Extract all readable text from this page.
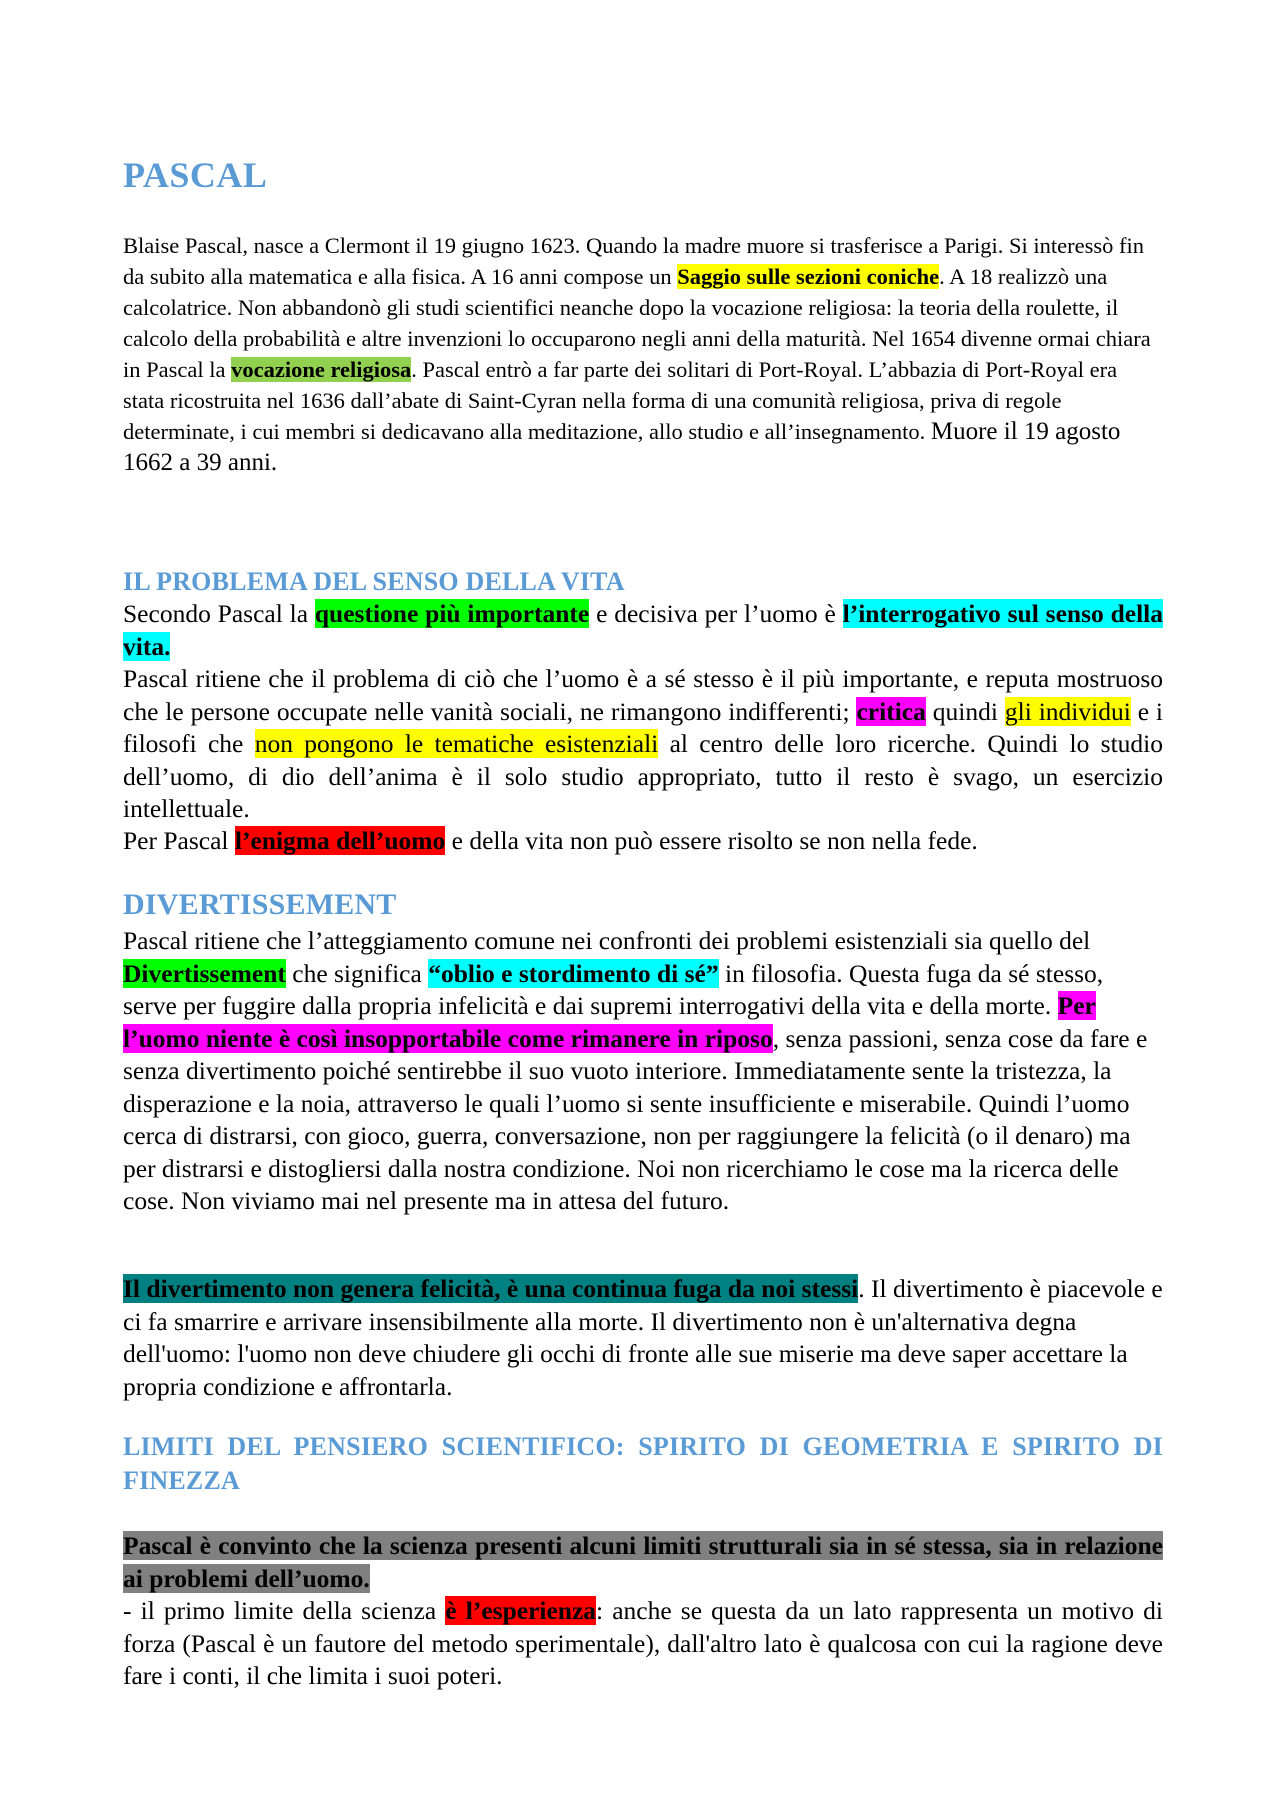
PASCAL

Blaise Pascal, nasce a Clermont il 19 giugno 1623. Quando la madre muore si trasferisce a Parigi. Si interessò fin da subito alla matematica e alla fisica. A 16 anni compose un Saggio sulle sezioni coniche. A 18 realizzò una calcolatrice. Non abbandonò gli studi scientifici neanche dopo la vocazione religiosa: la teoria della roulette, il calcolo della probabilità e altre invenzioni lo occuparono negli anni della maturità. Nel 1654 divenne ormai chiara in Pascal la vocazione religiosa. Pascal entrò a far parte dei solitari di Port-Royal. L’abbazia di Port-Royal era stata ricostruita nel 1636 dall’abate di Saint-Cyran nella forma di una comunità religiosa, priva di regole determinate, i cui membri si dedicavano alla meditazione, allo studio e all’insegnamento. Muore il 19 agosto 1662 a 39 anni.

IL PROBLEMA DEL SENSO DELLA VITA

Secondo Pascal la questione più importante e decisiva per l’uomo è l’interrogativo sul senso della vita.

Pascal ritiene che il problema di ciò che l’uomo è a sé stesso è il più importante, e reputa mostruoso che le persone occupate nelle vanità sociali, ne rimangono indifferenti; critica quindi gli individui e i filosofi che non pongono le tematiche esistenziali al centro delle loro ricerche. Quindi lo studio dell’uomo, di dio dell’anima è il solo studio appropriato, tutto il resto è svago, un esercizio intellettuale.

Per Pascal l’enigma dell’uomo e della vita non può essere risolto se non nella fede.

DIVERTISSEMENT

Pascal ritiene che l’atteggiamento comune nei confronti dei problemi esistenziali sia quello del Divertissement che significa “oblio e stordimento di sé” in filosofia. Questa fuga da sé stesso, serve per fuggire dalla propria infelicità e dai supremi interrogativi della vita e della morte. Per l’uomo niente è così insopportabile come rimanere in riposo, senza passioni, senza cose da fare e senza divertimento poiché sentirebbe il suo vuoto interiore. Immediatamente sente la tristezza, la disperazione e la noia, attraverso le quali l’uomo si sente insufficiente e miserabile. Quindi l’uomo cerca di distrarsi, con gioco, guerra, conversazione, non per raggiungere la felicità (o il denaro) ma per distrarsi e distogliersi dalla nostra condizione. Noi non ricerchiamo le cose ma la ricerca delle cose. Non viviamo mai nel presente ma in attesa del futuro.

Il divertimento non genera felicità, è una continua fuga da noi stessi. Il divertimento è piacevole e ci fa smarrire e arrivare insensibilmente alla morte. Il divertimento non è un'alternativa degna dell'uomo: l'uomo non deve chiudere gli occhi di fronte alle sue miserie ma deve saper accettare la propria condizione e affrontarla.

LIMITI DEL PENSIERO SCIENTIFICO: SPIRITO DI GEOMETRIA E SPIRITO DI FINEZZA

Pascal è convinto che la scienza presenti alcuni limiti strutturali sia in sé stessa, sia in relazione ai problemi dell’uomo.

- il primo limite della scienza è l’esperienza: anche se questa da un lato rappresenta un motivo di forza (Pascal è un fautore del metodo sperimentale), dall'altro lato è qualcosa con cui la ragione deve fare i conti, il che limita i suoi poteri.
